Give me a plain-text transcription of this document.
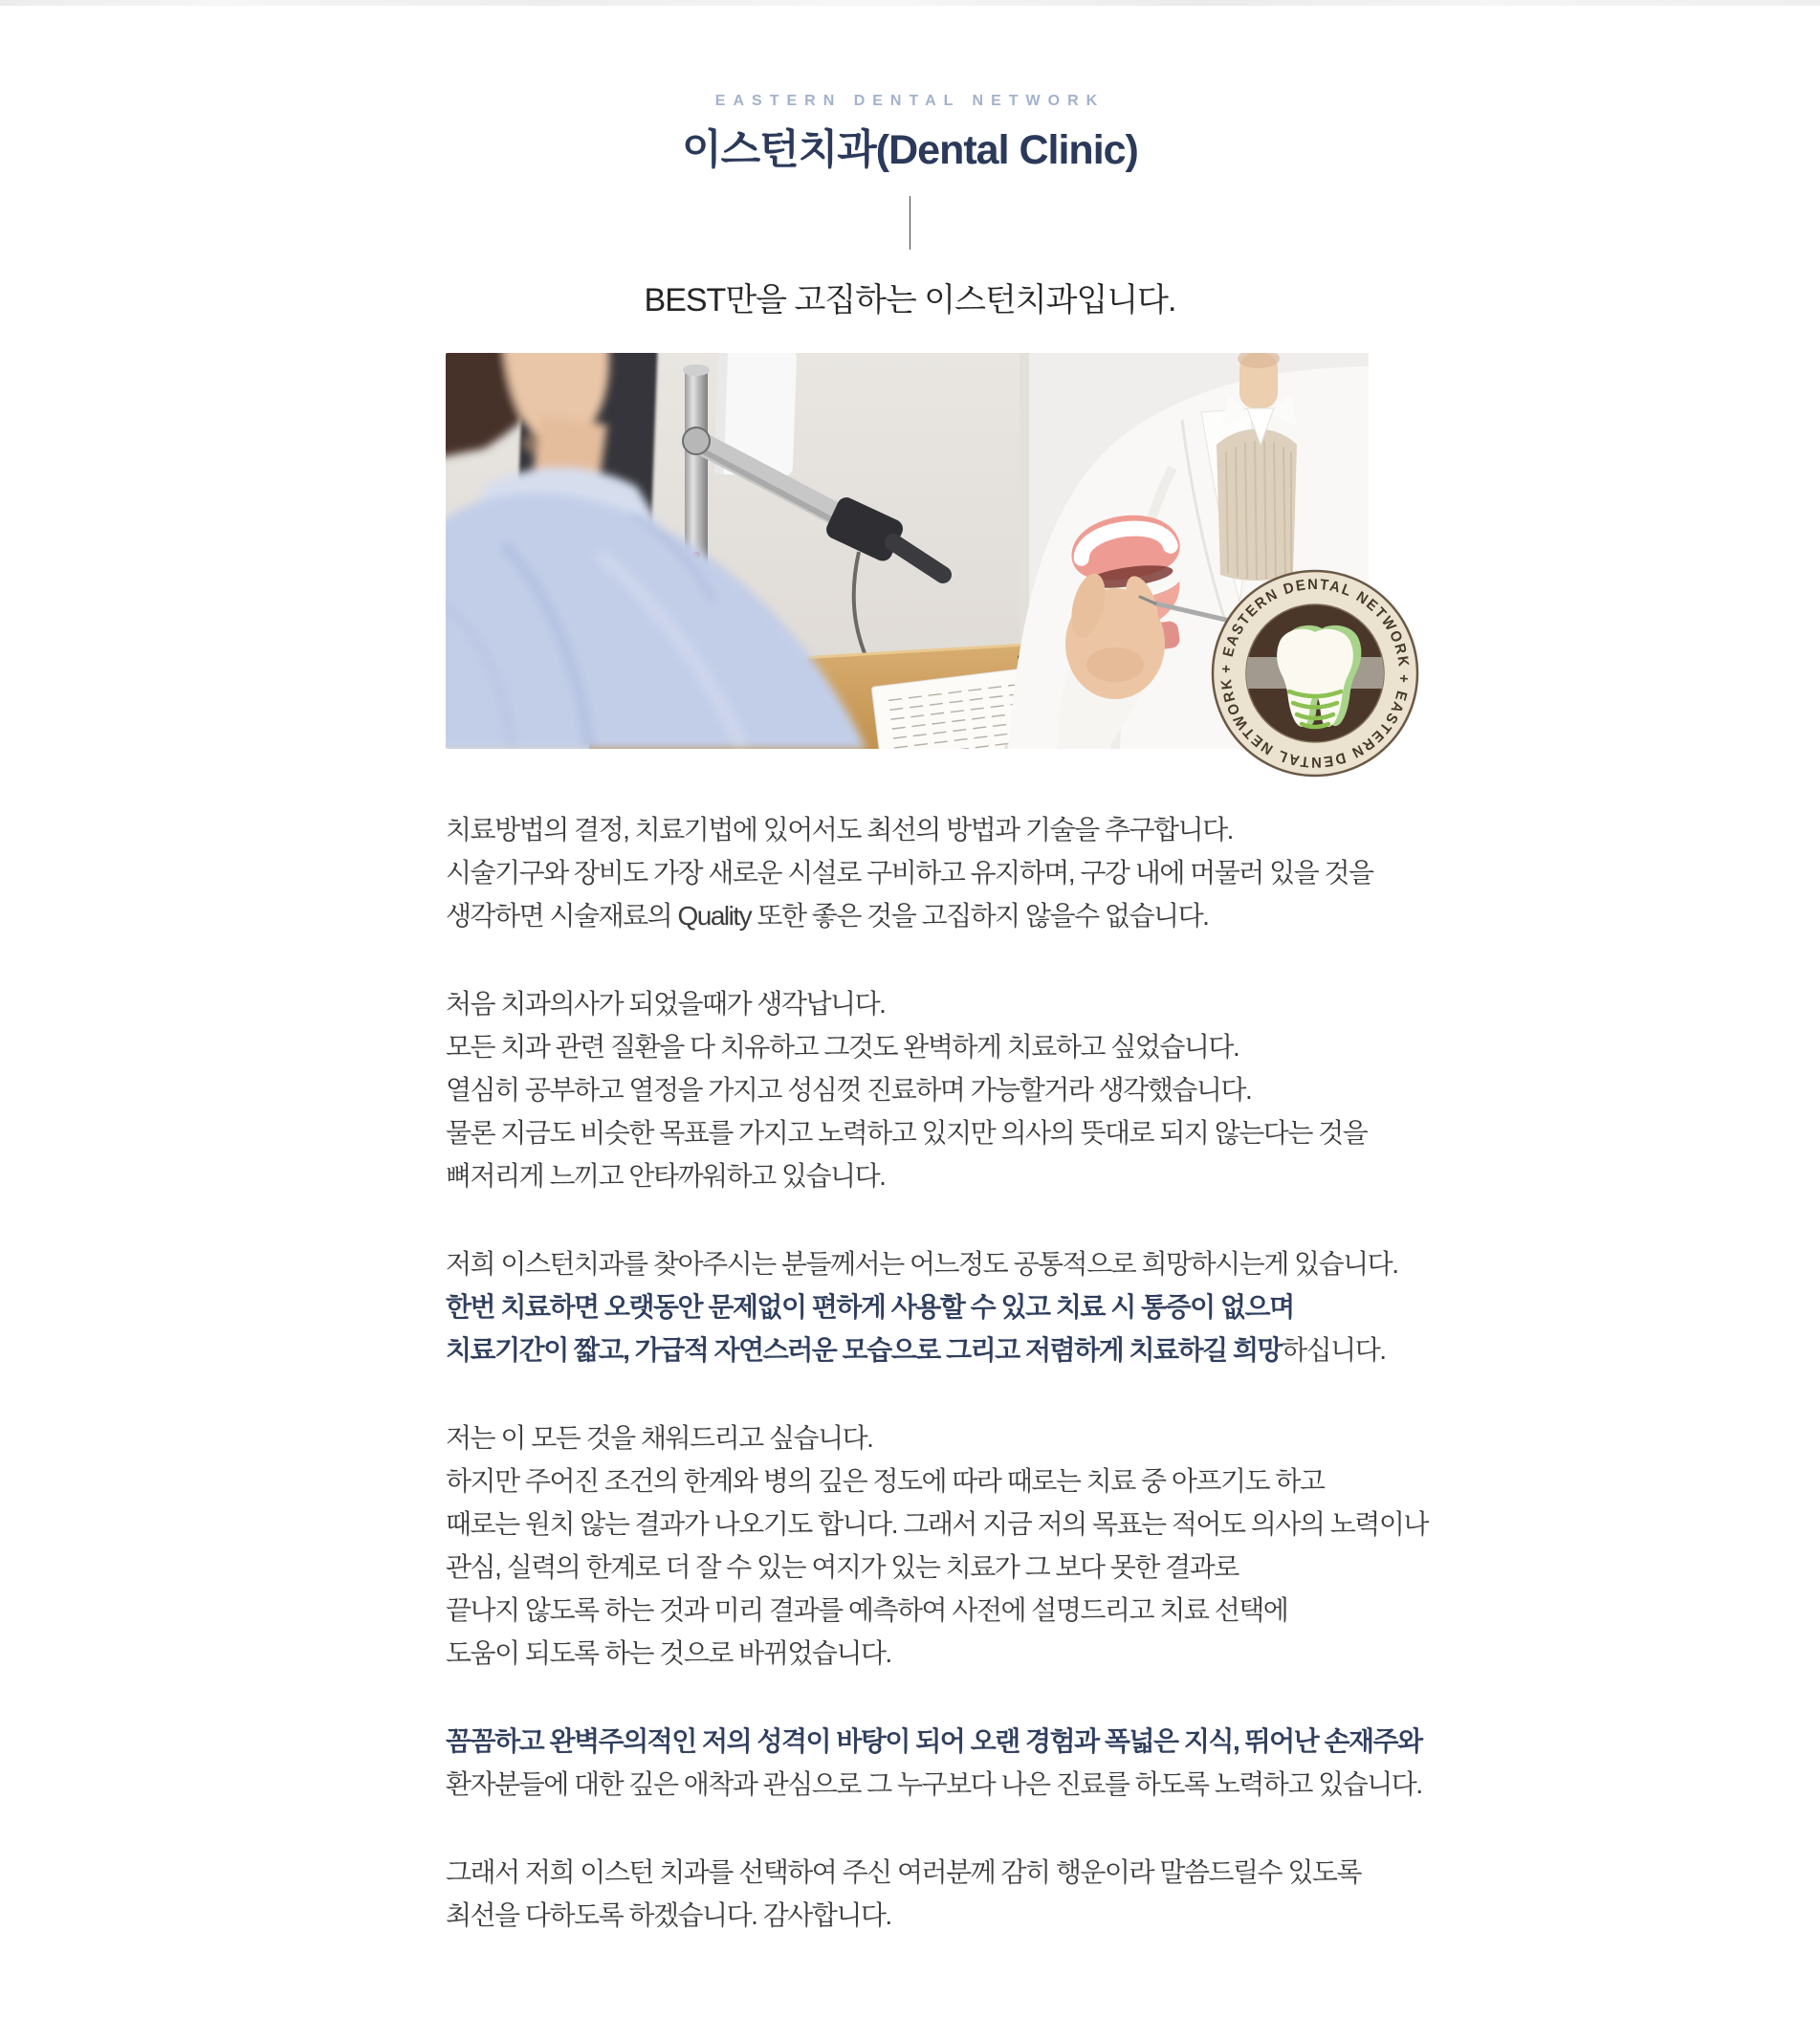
EASTERN DENTAL NETWORK
이스턴치과(Dental Clinic)
BEST만을 고집하는 이스턴치과입니다.
+ EASTERN DENTAL NETWORK + EASTERN DENTAL NETWORK

치료방법의 결정, 치료기법에 있어서도 최선의 방법과 기술을 추구합니다.
시술기구와 장비도 가장 새로운 시설로 구비하고 유지하며, 구강 내에 머물러 있을 것을
생각하면 시술재료의 Quality 또한 좋은 것을 고집하지 않을수 없습니다.

처음 치과의사가 되었을때가 생각납니다.
모든 치과 관련 질환을 다 치유하고 그것도 완벽하게 치료하고 싶었습니다.
열심히 공부하고 열정을 가지고 성심껏 진료하며 가능할거라 생각했습니다.
물론 지금도 비슷한 목표를 가지고 노력하고 있지만 의사의 뜻대로 되지 않는다는 것을
뼈저리게 느끼고 안타까워하고 있습니다.

저희 이스턴치과를 찾아주시는 분들께서는 어느정도 공통적으로 희망하시는게 있습니다.
한번 치료하면 오랫동안 문제없이 편하게 사용할 수 있고 치료 시 통증이 없으며
치료기간이 짧고, 가급적 자연스러운 모습으로 그리고 저렴하게 치료하길 희망하십니다.

저는 이 모든 것을 채워드리고 싶습니다.
하지만 주어진 조건의 한계와 병의 깊은 정도에 따라 때로는 치료 중 아프기도 하고
때로는 원치 않는 결과가 나오기도 합니다. 그래서 지금 저의 목표는 적어도 의사의 노력이나
관심, 실력의 한계로 더 잘 수 있는 여지가 있는 치료가 그 보다 못한 결과로
끝나지 않도록 하는 것과 미리 결과를 예측하여 사전에 설명드리고 치료 선택에
도움이 되도록 하는 것으로 바뀌었습니다.

꼼꼼하고 완벽주의적인 저의 성격이 바탕이 되어 오랜 경험과 폭넓은 지식, 뛰어난 손재주와
환자분들에 대한 깊은 애착과 관심으로 그 누구보다 나은 진료를 하도록 노력하고 있습니다.

그래서 저희 이스턴 치과를 선택하여 주신 여러분께 감히 행운이라 말씀드릴수 있도록
최선을 다하도록 하겠습니다. 감사합니다.
